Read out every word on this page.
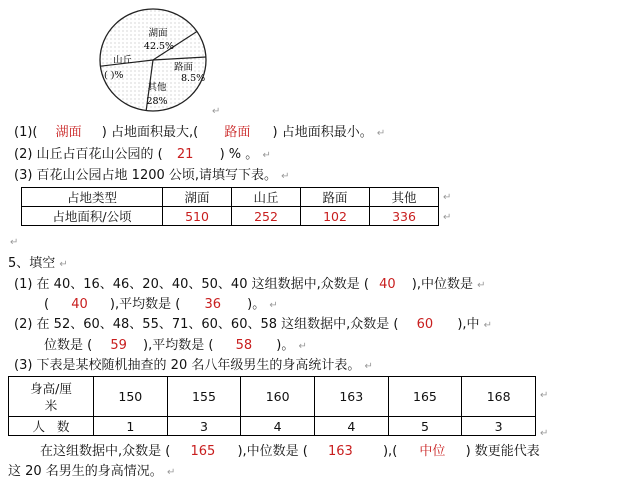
湖面
42.5%
山丘
( )%
路面
8.5%
其他
28%
↵
(1)( 湖面 ) 占地面积最大,( 路面 ) 占地面积最小。 ↵
(2) 山丘占百花山公园的 ( 21 ) % 。 ↵
(3) 百花山公园占地 1200 公顷,请填写下表。 ↵
占地类型	湖面	山丘	路面	其他
占地面积/公顷	510	252	102	336
↵
↵
↵
5、填空 ↵
(1) 在 40、16、46、20、40、50、40 这组数据中,众数是 ( 40 ),中位数是 ↵
( 40 ),平均数是 ( 36 )。 ↵
(2) 在 52、60、48、55、71、60、60、58 这组数据中,众数是 ( 60 ),中 ↵
位数是 ( 59 ),平均数是 ( 58 )。 ↵
(3) 下表是某校随机抽查的 20 名八年级男生的身高统计表。 ↵
身高/厘
米	150	155	160	163	165	168
人   数	1	3	4	4	5	3
↵
↵
在这组数据中,众数是 ( 165 ),中位数是 ( 163 ),( 中位 ) 数更能代表
这 20 名男生的身高情况。 ↵
